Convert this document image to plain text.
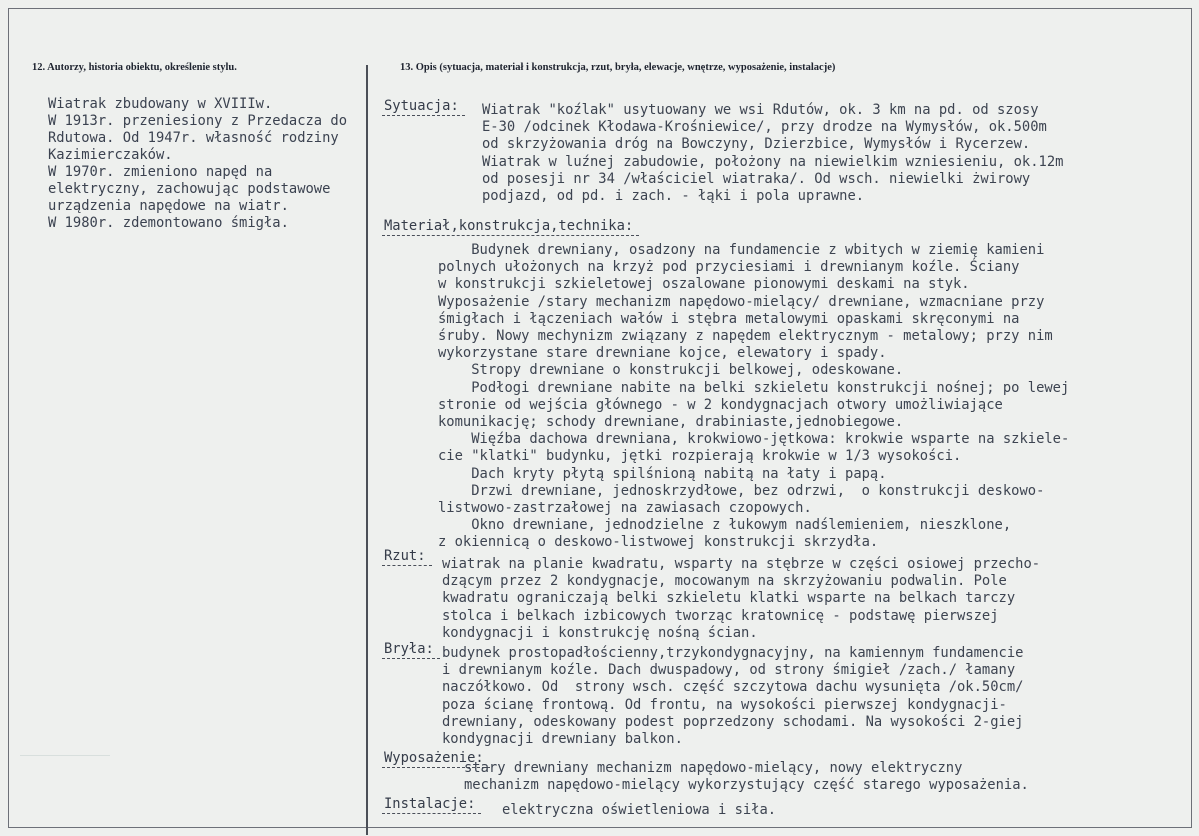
12. Autorzy, historia obiektu, określenie stylu.	13. Opis (sytuacja, materiał i konstrukcja, rzut, bryła, elewacje, wnętrze, wyposażenie, instalacje)
Wiatrak zbudowany w XVIIIw.
W 1913r. przeniesiony z Przedacza do Rdutowa. Od 1947r. własność rodziny Kazimierczaków.
W 1970r. zmieniono napęd na elektryczny, zachowując podstawowe urządzenia napędowe na wiatr.
W 1980r. zdemontowano śmigła.
Sytuacja:	Wiatrak "koźlak" usytuowany we wsi Rdutów, ok. 3 km na pd. od szosy
E-30 /odcinek Kłodawa-Krośniewice/, przy drodze na Wymysłów, ok.500m
od skrzyżowania dróg na Bowczyny, Dzierzbice, Wymysłów i Rycerzew.
Wiatrak w luźnej zabudowie, położony na niewielkim wzniesieniu, ok.12m
od posesji nr 34 /właściciel wiatraka/. Od wsch. niewielki żwirowy
podjazd, od pd. i zach. - łąki i pola uprawne.
Materiał,konstrukcja,technika:
Budynek drewniany, osadzony na fundamencie z wbitych w ziemię kamieni
polnych ułożonych na krzyż pod przyciesiami i drewnianym koźle. Ściany
w konstrukcji szkieletowej oszalowane pionowymi deskami na styk.
Wyposażenie /stary mechanizm napędowo-mielący/ drewniane, wzmacniane przy
śmigłach i łączeniach wałów i stębra metalowymi opaskami skręconymi na
śruby. Nowy mechynizm związany z napędem elektrycznym - metalowy; przy nim
wykorzystane stare drewniane kojce, elewatory i spady.
Stropy drewniane o konstrukcji belkowej, odeskowane.
Podłogi drewniane nabite na belki szkieletu konstrukcji nośnej; po lewej
stronie od wejścia głównego - w 2 kondygnacjach otwory umożliwiające
komunikację; schody drewniane, drabiniaste,jednobiegowe.
Więźba dachowa drewniana, krokwiowo-jętkowa: krokwie wsparte na szkiele-
cie "klatki" budynku, jętki rozpierają krokwie w 1/3 wysokości.
Dach kryty płytą spilśnioną nabitą na łaty i papą.
Drzwi drewniane, jednoskrzydłowe, bez odrzwi,  o konstrukcji deskowo-
listwowo-zastrzałowej na zawiasach czopowych.
Okno drewniane, jednodzielne z łukowym nadślemieniem, nieszklone,
z okiennicą o deskowo-listwowej konstrukcji skrzydła.
Rzut:	wiatrak na planie kwadratu, wsparty na stębrze w części osiowej przecho-
dzącym przez 2 kondygnacje, mocowanym na skrzyżowaniu podwalin. Pole
kwadratu ograniczają belki szkieletu klatki wsparte na belkach tarczy
stolca i belkach izbicowych tworząc kratownicę - podstawę pierwszej
kondygnacji i konstrukcję nośną ścian.
Bryła: budynek prostopadłościenny,trzykondygnacyjny, na kamiennym fundamencie
i drewnianym koźle. Dach dwuspadowy, od strony śmigieł /zach./ łamany
naczółkowo. Od  strony wsch. część szczytowa dachu wysunięta /ok.50cm/
poza ścianę frontową. Od frontu, na wysokości pierwszej kondygnacji-
drewniany, odeskowany podest poprzedzony schodami. Na wysokości 2-giej
kondygnacji drewniany balkon.
Wyposażenie:
stary drewniany mechanizm napędowo-mielący, nowy elektryczny
mechanizm napędowo-mielący wykorzystujący część starego wyposażenia.
Instalacje:	elektryczna oświetleniowa i siła.
